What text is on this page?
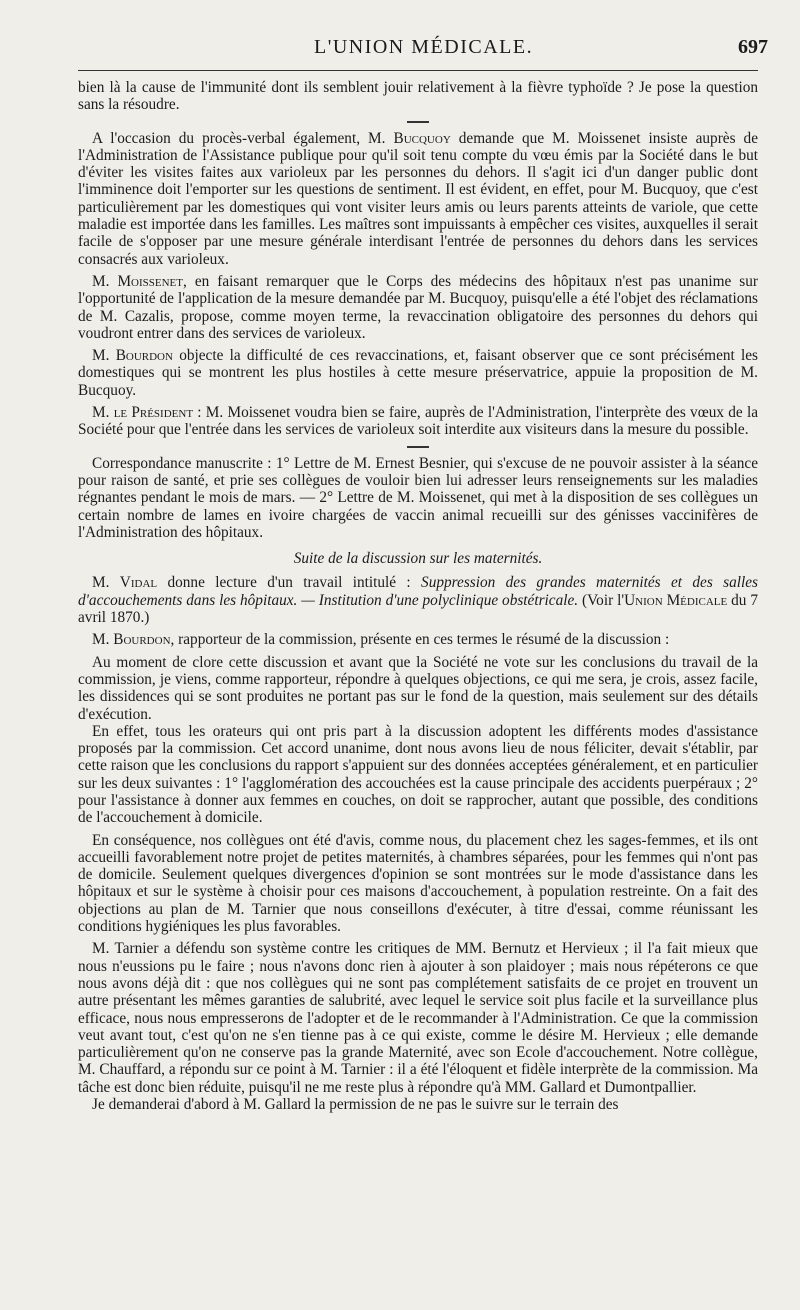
L'UNION MÉDICALE.	697

bien là la cause de l'immunité dont ils semblent jouir relativement à la fièvre typhoïde ? Je pose la question sans la résoudre.

A l'occasion du procès-verbal également, M. Bucquoy demande que M. Moissenet insiste auprès de l'Administration de l'Assistance publique pour qu'il soit tenu compte du vœu émis par la Société dans le but d'éviter les visites faites aux varioleux par les personnes du dehors. Il s'agit ici d'un danger public dont l'imminence doit l'emporter sur les questions de sentiment. Il est évident, en effet, pour M. Bucquoy, que c'est particulièrement par les domestiques qui vont visiter leurs amis ou leurs parents atteints de variole, que cette maladie est importée dans les familles. Les maîtres sont impuissants à empêcher ces visites, auxquelles il serait facile de s'opposer par une mesure générale interdisant l'entrée de personnes du dehors dans les services consacrés aux varioleux.

M. Moissenet, en faisant remarquer que le Corps des médecins des hôpitaux n'est pas unanime sur l'opportunité de l'application de la mesure demandée par M. Bucquoy, puisqu'elle a été l'objet des réclamations de M. Cazalis, propose, comme moyen terme, la revaccination obligatoire des personnes du dehors qui voudront entrer dans des services de varioleux.

M. Bourdon objecte la difficulté de ces revaccinations, et, faisant observer que ce sont précisément les domestiques qui se montrent les plus hostiles à cette mesure préservatrice, appuie la proposition de M. Bucquoy.

M. le Président : M. Moissenet voudra bien se faire, auprès de l'Administration, l'interprète des vœux de la Société pour que l'entrée dans les services de varioleux soit interdite aux visiteurs dans la mesure du possible.

Correspondance manuscrite : 1° Lettre de M. Ernest Besnier, qui s'excuse de ne pouvoir assister à la séance pour raison de santé, et prie ses collègues de vouloir bien lui adresser leurs renseignements sur les maladies régnantes pendant le mois de mars. — 2° Lettre de M. Moissenet, qui met à la disposition de ses collègues un certain nombre de lames en ivoire chargées de vaccin animal recueilli sur des génisses vaccinifères de l'Administration des hôpitaux.

Suite de la discussion sur les maternités.

M. Vidal donne lecture d'un travail intitulé : Suppression des grandes maternités et des salles d'accouchements dans les hôpitaux. — Institution d'une polyclinique obstétricale. (Voir l'Union Médicale du 7 avril 1870.)

M. Bourdon, rapporteur de la commission, présente en ces termes le résumé de la discussion :

Au moment de clore cette discussion et avant que la Société ne vote sur les conclusions du travail de la commission, je viens, comme rapporteur, répondre à quelques objections, ce qui me sera, je crois, assez facile, les dissidences qui se sont produites ne portant pas sur le fond de la question, mais seulement sur des détails d'exécution.

En effet, tous les orateurs qui ont pris part à la discussion adoptent les différents modes d'assistance proposés par la commission. Cet accord unanime, dont nous avons lieu de nous féliciter, devait s'établir, par cette raison que les conclusions du rapport s'appuient sur des données acceptées généralement, et en particulier sur les deux suivantes : 1° l'agglomération des accouchées est la cause principale des accidents puerpéraux ; 2° pour l'assistance à donner aux femmes en couches, on doit se rapprocher, autant que possible, des conditions de l'accouchement à domicile.

En conséquence, nos collègues ont été d'avis, comme nous, du placement chez les sages-femmes, et ils ont accueilli favorablement notre projet de petites maternités, à chambres séparées, pour les femmes qui n'ont pas de domicile. Seulement quelques divergences d'opinion se sont montrées sur le mode d'assistance dans les hôpitaux et sur le système à choisir pour ces maisons d'accouchement, à population restreinte. On a fait des objections au plan de M. Tarnier que nous conseillons d'exécuter, à titre d'essai, comme réunissant les conditions hygiéniques les plus favorables.

M. Tarnier a défendu son système contre les critiques de MM. Bernutz et Hervieux ; il l'a fait mieux que nous n'eussions pu le faire ; nous n'avons donc rien à ajouter à son plaidoyer ; mais nous répéterons ce que nous avons déjà dit : que nos collègues qui ne sont pas complétement satisfaits de ce projet en trouvent un autre présentant les mêmes garanties de salubrité, avec lequel le service soit plus facile et la surveillance plus efficace, nous nous empresserons de l'adopter et de le recommander à l'Administration. Ce que la commission veut avant tout, c'est qu'on ne s'en tienne pas à ce qui existe, comme le désire M. Hervieux ; elle demande particulièrement qu'on ne conserve pas la grande Maternité, avec son Ecole d'accouchement. Notre collègue, M. Chauffard, a répondu sur ce point à M. Tarnier : il a été l'éloquent et fidèle interprète de la commission. Ma tâche est donc bien réduite, puisqu'il ne me reste plus à répondre qu'à MM. Gallard et Dumontpallier.

Je demanderai d'abord à M. Gallard la permission de ne pas le suivre sur le terrain des
